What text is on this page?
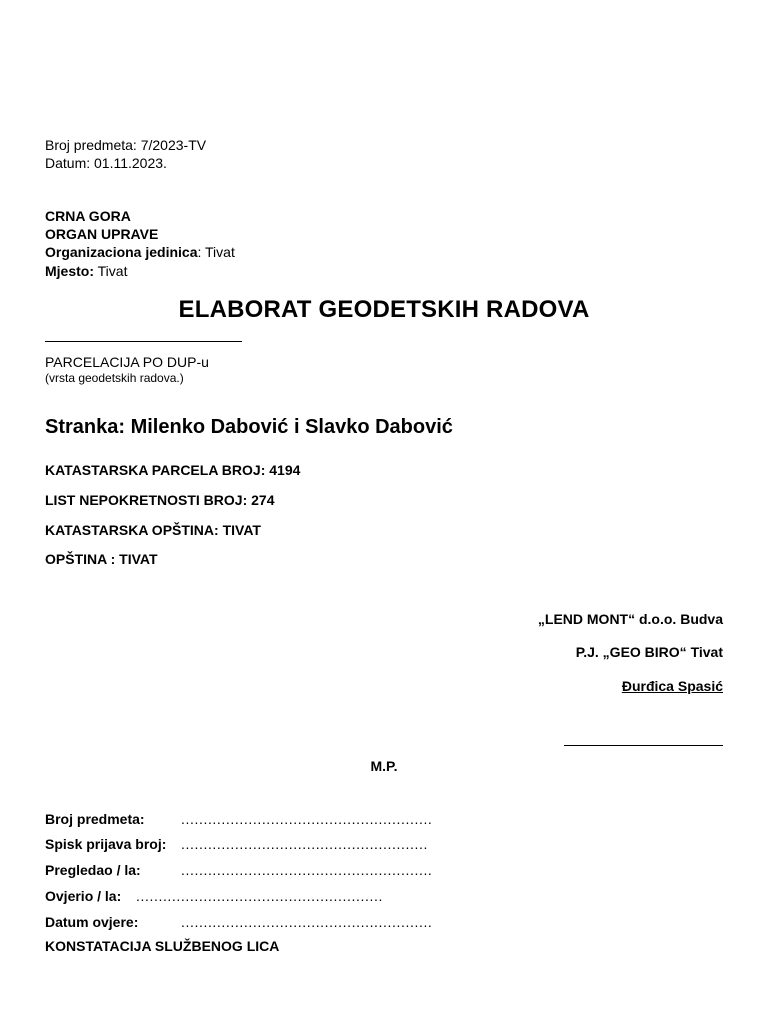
Broj predmeta: 7/2023-TV
Datum: 01.11.2023.
CRNA GORA
ORGAN UPRAVE
Organizaciona jedinica: Tivat
Mjesto: Tivat
ELABORAT GEODETSKIH RADOVA
PARCELACIJA PO DUP-u
(vrsta geodetskih radova.)
Stranka: Milenko Dabović i Slavko Dabović
KATASTARSKA PARCELA BROJ: 4194
LIST NEPOKRETNOSTI BROJ: 274
KATASTARSKA OPŠTINA: TIVAT
OPŠTINA : TIVAT
„LEND MONT“ d.o.o. Budva
P.J. „GEO BIRO“ Tivat
Đurđica Spasić
M.P.
Broj predmeta:	........................................................
Spisk prijava broj: .......................................................
Pregledao / la:	........................................................
Ovjerio / la: .......................................................
Datum ovjere:	........................................................
KONSTATACIJA SLUŽBENOG LICA
